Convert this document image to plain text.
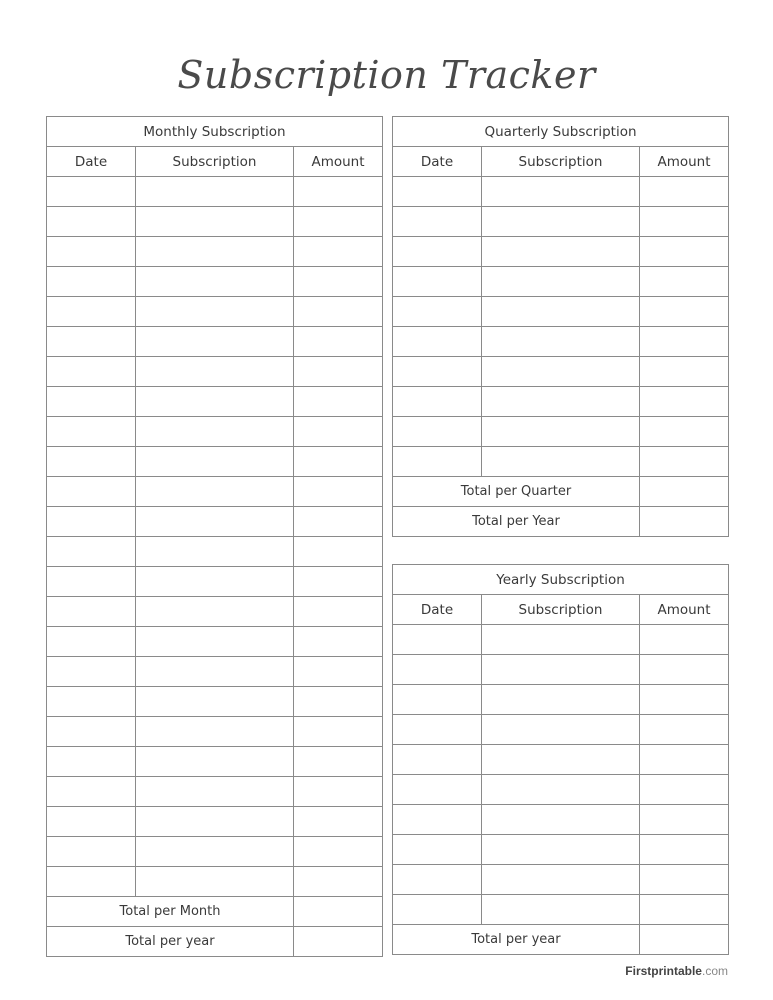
Subscription Tracker
Monthly Subscription		
Date	Subscription	Amount

Total per Month		
Total per year		
Quarterly Subscription		
Date	Subscription	Amount

Total per Quarter		
Total per Year		
Yearly Subscription		
Date	Subscription	Amount

Total per year		
Firstprintable.com
